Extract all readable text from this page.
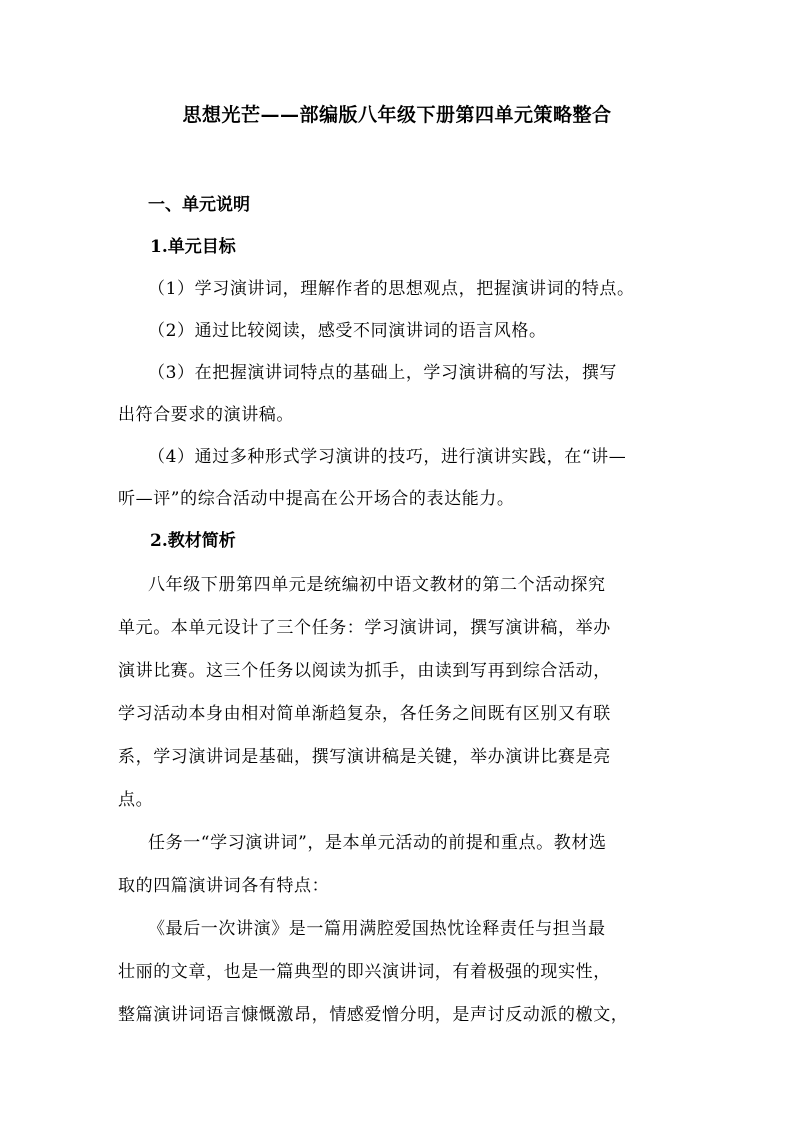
思想光芒——部编版八年级下册第四单元策略整合
一、单元说明
1.单元目标
（1）学习演讲词，理解作者的思想观点，把握演讲词的特点。
（2）通过比较阅读，感受不同演讲词的语言风格。
（3）在把握演讲词特点的基础上，学习演讲稿的写法，撰写
出符合要求的演讲稿。
（4）通过多种形式学习演讲的技巧，进行演讲实践，在“讲—
听—评”的综合活动中提高在公开场合的表达能力。
2.教材简析
八年级下册第四单元是统编初中语文教材的第二个活动探究
单元。本单元设计了三个任务：学习演讲词，撰写演讲稿，举办
演讲比赛。这三个任务以阅读为抓手，由读到写再到综合活动，
学习活动本身由相对简单渐趋复杂，各任务之间既有区别又有联
系，学习演讲词是基础，撰写演讲稿是关键，举办演讲比赛是亮
点。
任务一“学习演讲词”，是本单元活动的前提和重点。教材选
取的四篇演讲词各有特点：
《最后一次讲演》是一篇用满腔爱国热忱诠释责任与担当最
壮丽的文章，也是一篇典型的即兴演讲词，有着极强的现实性，
整篇演讲词语言慷慨激昂，情感爱憎分明，是声讨反动派的檄文，
